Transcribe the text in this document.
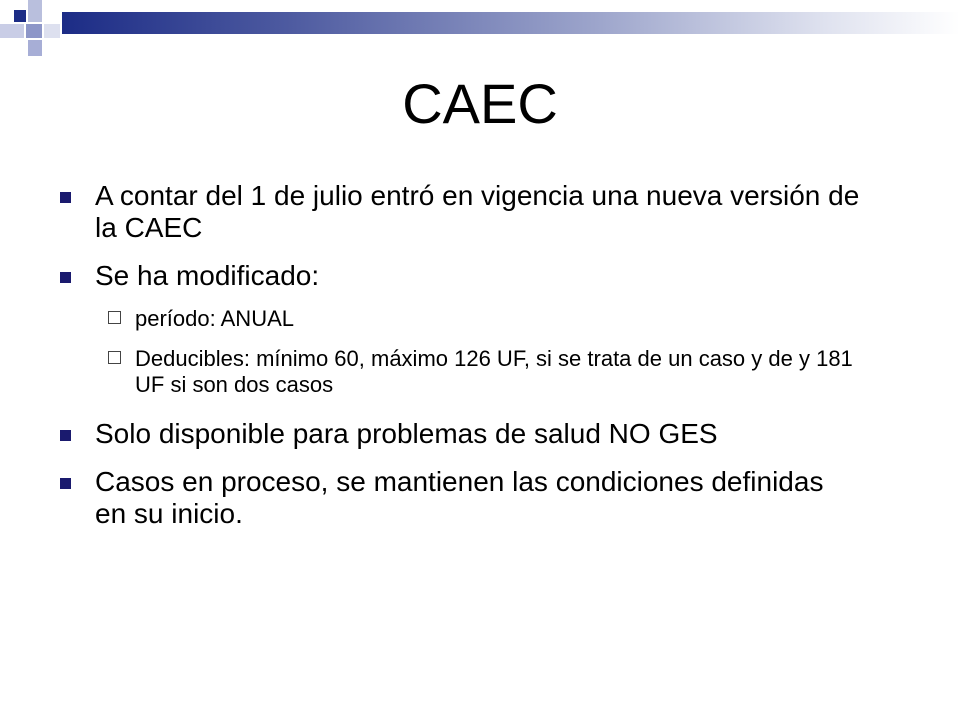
CAEC
A contar del 1 de julio entró en vigencia una nueva versión de la CAEC
Se ha modificado:
período: ANUAL
Deducibles: mínimo 60, máximo 126 UF, si se trata de un caso y de y 181 UF si son dos casos
Solo disponible para problemas de salud NO GES
Casos en proceso, se mantienen las condiciones definidas en su inicio.
